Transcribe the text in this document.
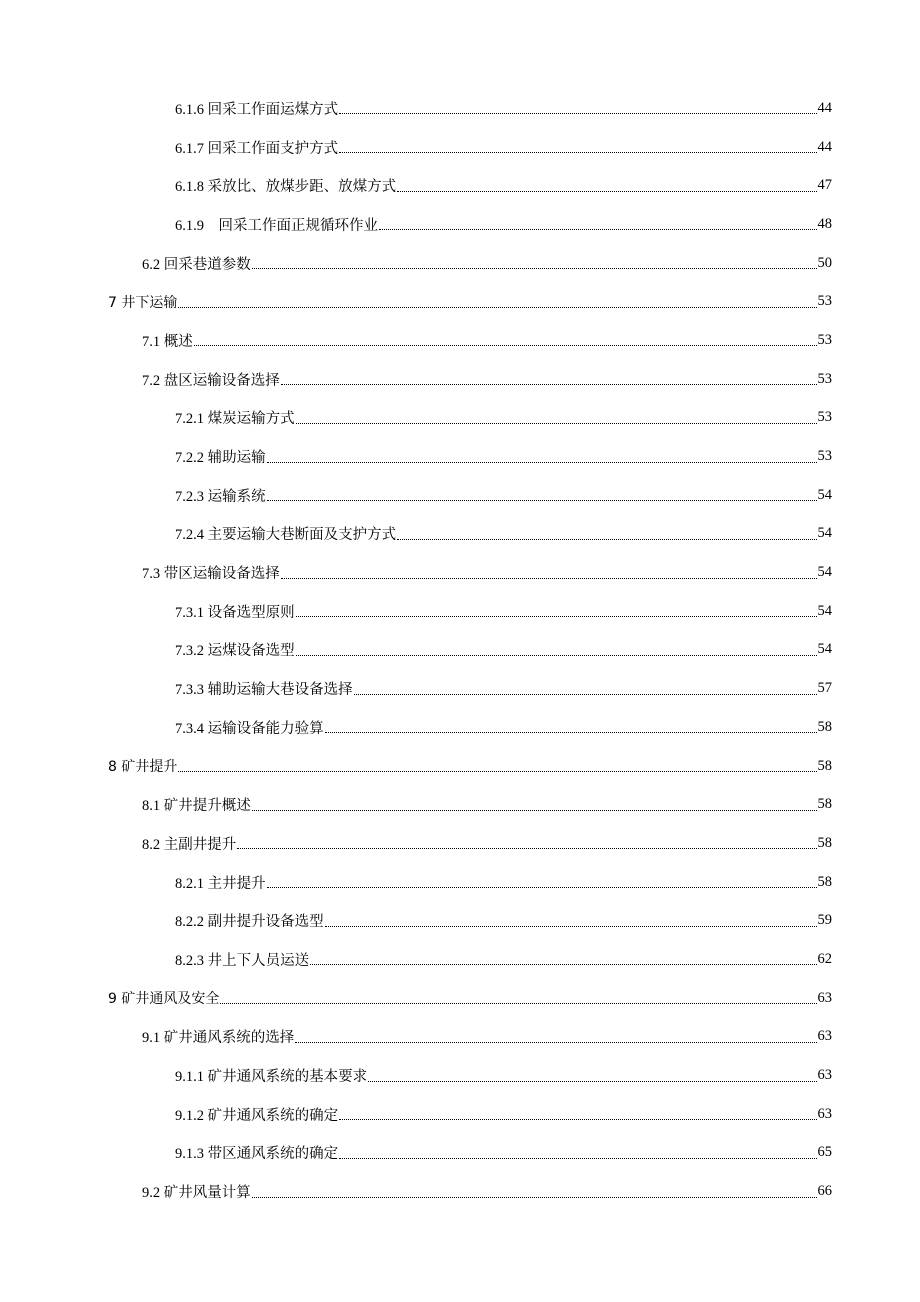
6.1.6 回采工作面运煤方式	44
6.1.7 回采工作面支护方式	44
6.1.8 采放比、放煤步距、放煤方式	47
6.1.9　回采工作面正规循环作业	48
6.2 回采巷道参数	50
7 井下运输	53
7.1 概述	53
7.2 盘区运输设备选择	53
7.2.1 煤炭运输方式	53
7.2.2 辅助运输	53
7.2.3 运输系统	54
7.2.4 主要运输大巷断面及支护方式	54
7.3 带区运输设备选择	54
7.3.1 设备选型原则	54
7.3.2 运煤设备选型	54
7.3.3 辅助运输大巷设备选择	57
7.3.4 运输设备能力验算	58
8 矿井提升	58
8.1 矿井提升概述	58
8.2 主副井提升	58
8.2.1 主井提升	58
8.2.2 副井提升设备选型	59
8.2.3 井上下人员运送	62
9 矿井通风及安全	63
9.1 矿井通风系统的选择	63
9.1.1 矿井通风系统的基本要求	63
9.1.2 矿井通风系统的确定	63
9.1.3 带区通风系统的确定	65
9.2 矿井风量计算	66
